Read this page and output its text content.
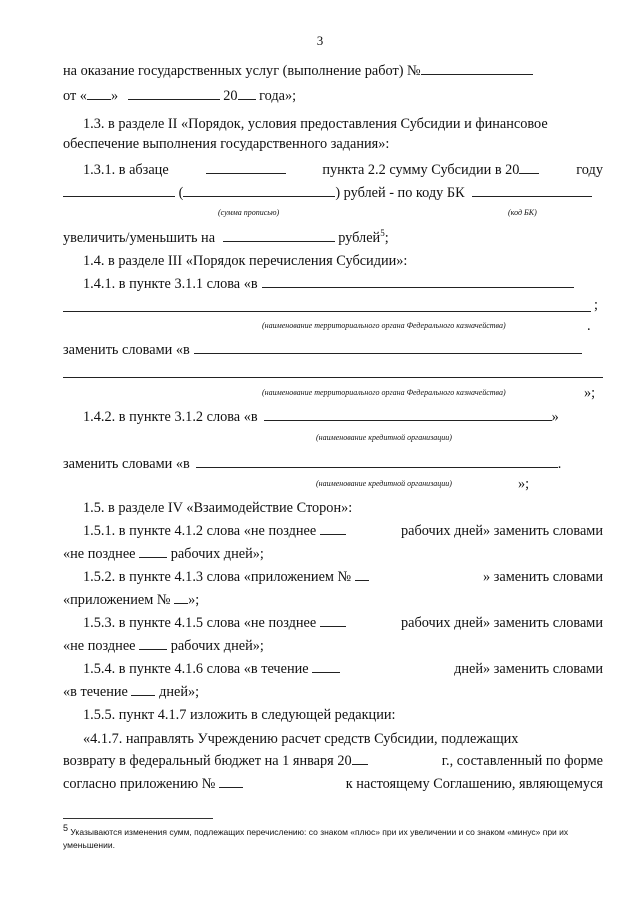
3
на оказание государственных услуг (выполнение работ) №
от « »	20 года»;
1.3. в разделе II «Порядок, условия предоставления Субсидии и финансовое
обеспечение выполнения государственного задания»:
1.3.1. в абзаце	пункта 2.2 сумму Субсидии в 20	году
(	) рублей - по коду БК
(сумма прописью)	(код БК)
увеличить/уменьшить на	рублей$^5$;
1.4. в разделе III «Порядок перечисления Субсидии»:
1.4.1. в пункте 3.1.1 слова «в
;
(наименование территориального органа Федерального казначейства)	.
заменить словами «в
(наименование территориального органа Федерального казначейства)	»;
1.4.2. в пункте 3.1.2 слова «в	»
(наименование кредитной организации)
заменить словами «в	.
(наименование кредитной организации)	»;
1.5. в разделе IV «Взаимодействие Сторон»:
1.5.1. в пункте 4.1.2 слова «не позднее	рабочих дней» заменить словами
«не позднее рабочих дней»;
1.5.2. в пункте 4.1.3 слова «приложением №	» заменить словами
«приложением № »;
1.5.3. в пункте 4.1.5 слова «не позднее	рабочих дней» заменить словами
«не позднее рабочих дней»;
1.5.4. в пункте 4.1.6 слова «в течение	дней» заменить словами
«в течение дней»;
1.5.5. пункт 4.1.7 изложить в следующей редакции:
«4.1.7. направлять Учреждению расчет средств Субсидии, подлежащих
возврату в федеральный бюджет на 1 января 20	г., составленный по форме
согласно приложению №	к настоящему Соглашению, являющемуся
5 Указываются изменения сумм, подлежащих перечислению: со знаком «плюс» при их увеличении и со знаком «минус» при их уменьшении.
